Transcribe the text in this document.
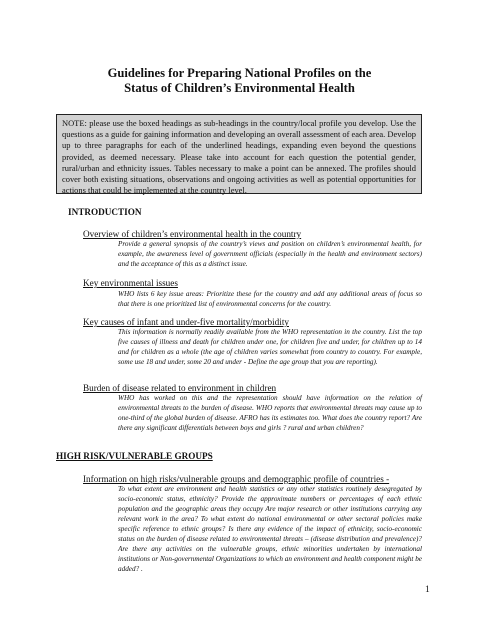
Guidelines for Preparing National Profiles on the
Status of Children’s Environmental Health
NOTE: please use the boxed headings as sub-headings in the country/local profile you develop. Use the questions as a guide for gaining information and developing an overall assessment of each area. Develop up to three paragraphs for each of the underlined headings, expanding even beyond the questions provided, as deemed necessary. Please take into account for each question the potential gender, rural/urban and ethnicity issues. Tables necessary to make a point can be annexed. The profiles should cover both existing situations, observations and ongoing activities as well as potential opportunities for actions that could be implemented at the country level.
INTRODUCTION
Overview of children’s environmental health in the country
Provide a general synopsis of the country’s views and position on children’s environmental health, for example, the awareness level of government officials (especially in the health and environment sectors) and the acceptance of this as a distinct issue.
Key environmental issues
WHO lists 6 key issue areas: Prioritize these for the country and add any additional areas of focus so that there is one prioritized list of environmental concerns for the country.
Key causes of infant and under-five mortality/morbidity
This information is normally readily available from the WHO representation in the country. List the top five causes of illness and death for children under one, for children five and under, for children up to 14 and for children as a whole (the age of children varies somewhat from country to country. For example, some use 18 and under, some 20 and under - Define the age group that you are reporting).
Burden of disease related to environment in children
WHO has worked on this and the representation should have information on the relation of environmental threats to the burden of disease. WHO reports that environmental threats may cause up to one-third of the global burden of disease. AFRO has its estimates too. What does the country report? Are there any significant differentials between boys and girls ? rural and urban children?
HIGH RISK/VULNERABLE GROUPS
Information on high risks/vulnerable groups and demographic profile of countries -
To what extent are environment and health statistics or any other statistics routinely desegregated by socio-economic status, ethnicity? Provide the approximate numbers or percentages of each ethnic population and the geographic areas they occupy Are major research or other institutions carrying any relevant work in the area? To what extent do national environmental or other sectoral policies make specific reference to ethnic groups? Is there any evidence of the impact of ethnicity, socio-economic status on the burden of disease related to environmental threats – (disease distribution and prevalence)? Are there any activities on the vulnerable groups, ethnic minorities undertaken by international institutions or Non-governmental Organizations to which an environment and health component might be added? .
1
